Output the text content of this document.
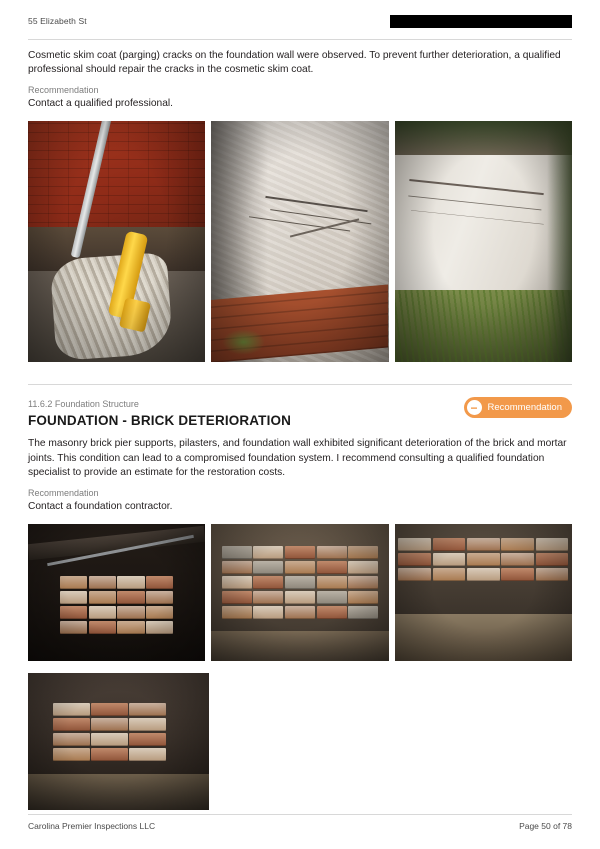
55 Elizabeth St
Cosmetic skim coat (parging) cracks on the foundation wall were observed. To prevent further deterioration, a qualified professional should repair the cracks in the cosmetic skim coat.
Recommendation
Contact a qualified professional.
11.6.2 Foundation Structure
FOUNDATION - BRICK DETERIORATION
−	Recommendation
The masonry brick pier supports, pilasters, and foundation wall exhibited significant deterioration of the brick and mortar joints. This condition can lead to a compromised foundation system. I recommend consulting a qualified foundation specialist to provide an estimate for the restoration costs.
Recommendation
Contact a foundation contractor.
Carolina Premier Inspections LLC	Page 50 of 78
